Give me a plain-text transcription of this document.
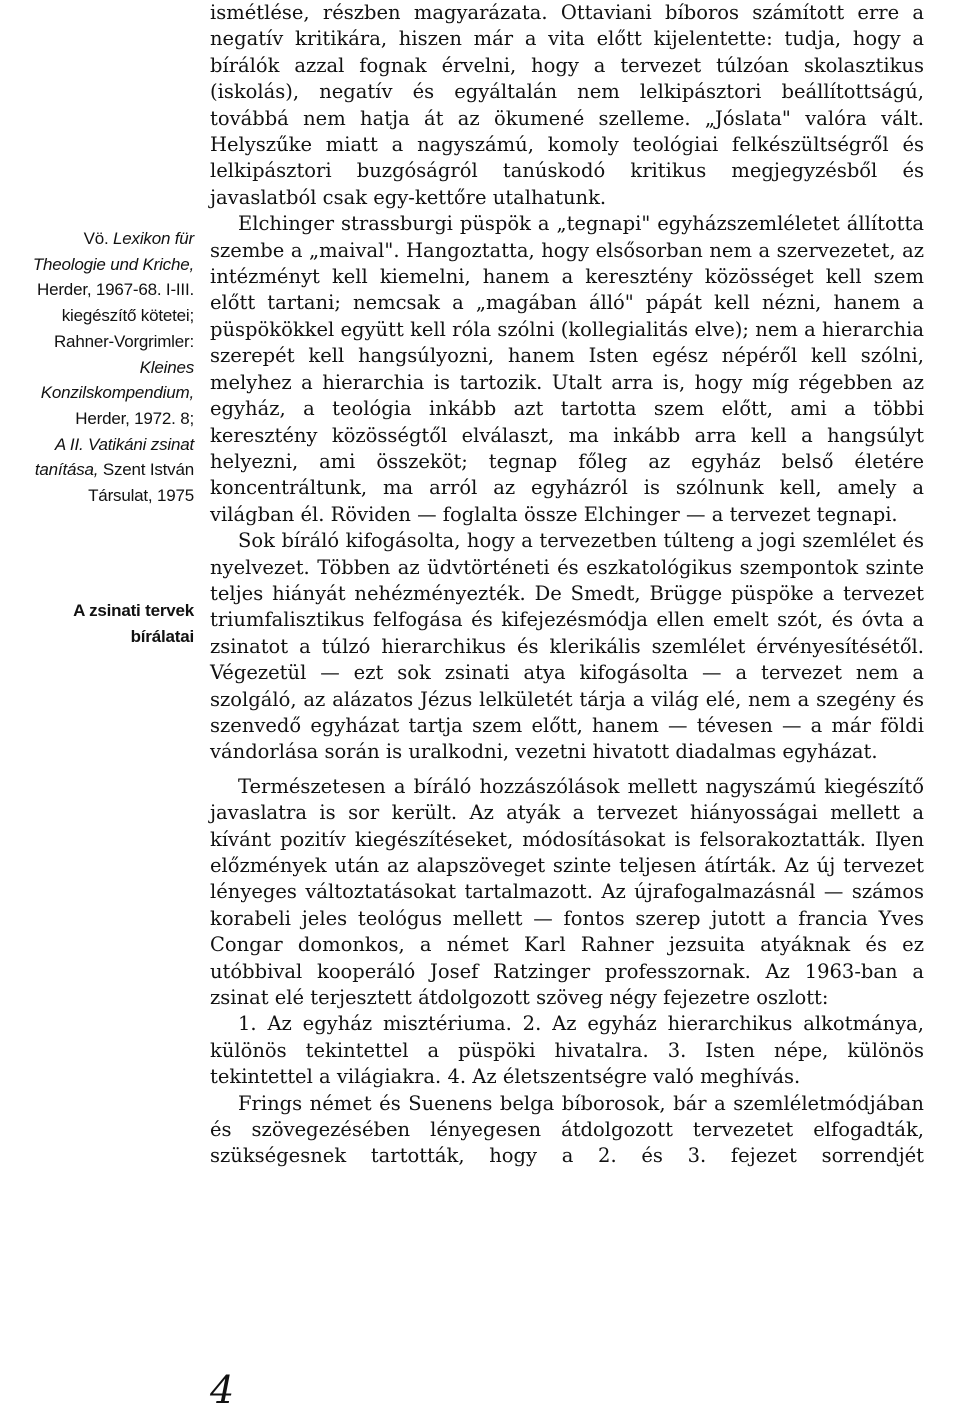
Vö. Lexikon für
Theologie und Kriche,
Herder, 1967-68. I-III.
kiegészítő kötetei;
Rahner-Vorgrimler:
Kleines
Konzilskompendium,
Herder, 1972. 8;
A II. Vatikáni zsinat
tanítása, Szent István
Társulat, 1975
A zsinati tervek
bírálatai

ismétlése, részben magyarázata. Ottaviani bíboros számított erre a negatív kritikára, hiszen már a vita előtt kijelentette: tudja, hogy a bírálók azzal fognak érvelni, hogy a tervezet túlzóan skolasztikus (iskolás), negatív és egyáltalán nem lelkipásztori beállítottságú, továbbá nem hatja át az ökumené szelleme. „Jóslata" valóra vált. Helyszűke miatt a nagyszámú, komoly teológiai felkészültségről és lelkipásztori buzgóságról tanúskodó kritikus megjegyzésből és javaslatból csak egy-kettőre utalhatunk.

Elchinger strassburgi püspök a „tegnapi" egyházszemléletet állította szembe a „maival". Hangoztatta, hogy elsősorban nem a szervezetet, az intézményt kell kiemelni, hanem a keresztény közösséget kell szem előtt tartani; nemcsak a „magában álló" pápát kell nézni, hanem a püspökökkel együtt kell róla szólni (kollegialitás elve); nem a hierarchia szerepét kell hangsúlyozni, hanem Isten egész népéről kell szólni, melyhez a hierarchia is tartozik. Utalt arra is, hogy míg régebben az egyház, a teológia inkább azt tartotta szem előtt, ami a többi keresztény közösségtől elválaszt, ma inkább arra kell a hangsúlyt helyezni, ami összeköt; tegnap főleg az egyház belső életére koncentráltunk, ma arról az egyházról is szólnunk kell, amely a világban él. Röviden — foglalta össze Elchinger — a tervezet tegnapi.

Sok bíráló kifogásolta, hogy a tervezetben túlteng a jogi szemlélet és nyelvezet. Többen az üdvtörténeti és eszkatológikus szempontok szinte teljes hiányát nehézményezték. De Smedt, Brügge püspöke a tervezet triumfalisztikus felfogása és kifejezésmódja ellen emelt szót, és óvta a zsinatot a túlzó hierarchikus és klerikális szemlélet érvényesítésétől. Végezetül — ezt sok zsinati atya kifogásolta — a tervezet nem a szolgáló, az alázatos Jézus lelkületét tárja a világ elé, nem a szegény és szenvedő egyházat tartja szem előtt, hanem — tévesen — a már földi vándorlása során is uralkodni, vezetni hivatott diadalmas egyházat.

Természetesen a bíráló hozzászólások mellett nagyszámú kiegészítő javaslatra is sor került. Az atyák a tervezet hiányosságai mellett a kívánt pozitív kiegészítéseket, módosításokat is felsorakoztatták. Ilyen előzmények után az alapszöveget szinte teljesen átírták. Az új tervezet lényeges változtatásokat tartalmazott. Az újrafogalmazásnál — számos korabeli jeles teológus mellett — fontos szerep jutott a francia Yves Congar domonkos, a német Karl Rahner jezsuita atyáknak és ez utóbbival kooperáló Josef Ratzinger professzornak. Az 1963-ban a zsinat elé terjesztett átdolgozott szöveg négy fejezetre oszlott:

1. Az egyház misztériuma. 2. Az egyház hierarchikus alkotmánya, különös tekintettel a püspöki hivatalra. 3. Isten népe, különös tekintettel a világiakra. 4. Az életszentségre való meghívás.

Frings német és Suenens belga bíborosok, bár a szemléletmódjában és szövegezésében lényegesen átdolgozott tervezetet elfogadták, szükségesnek tartották, hogy a 2. és 3. fejezet sorrendjét

4
